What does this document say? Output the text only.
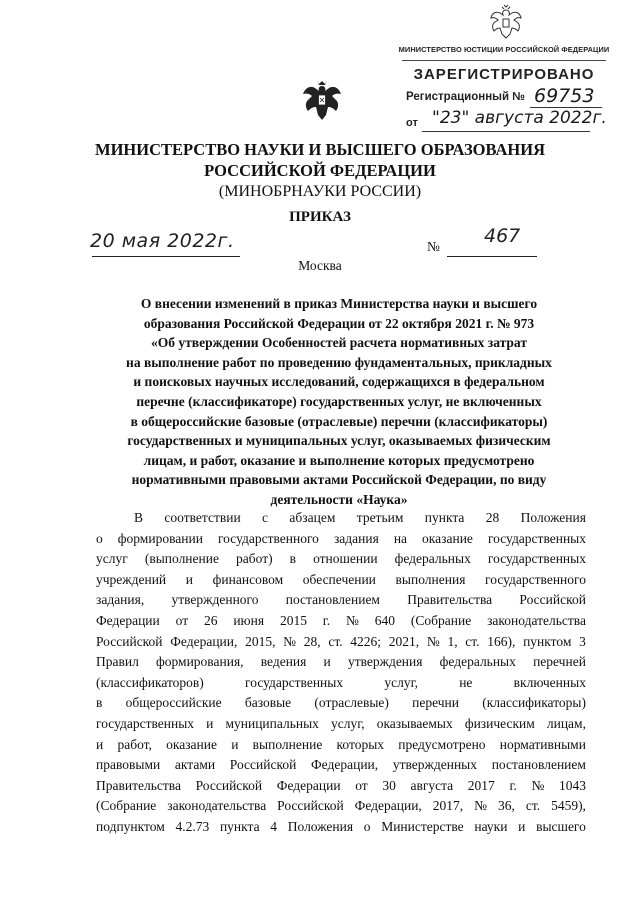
МИНИСТЕРСТВО ЮСТИЦИИ РОССИЙСКОЙ ФЕДЕРАЦИИ
ЗАРЕГИСТРИРОВАНО
Регистрационный № 69753
от "23" августа 2022г.
МИНИСТЕРСТВО НАУКИ И ВЫСШЕГО ОБРАЗОВАНИЯ
РОССИЙСКОЙ ФЕДЕРАЦИИ
(МИНОБРНАУКИ РОССИИ)
ПРИКАЗ
20 мая 2022г.	№ 467
Москва
О внесении изменений в приказ Министерства науки и высшего
образования Российской Федерации от 22 октября 2021 г. № 973
«Об утверждении Особенностей расчета нормативных затрат
на выполнение работ по проведению фундаментальных, прикладных
и поисковых научных исследований, содержащихся в федеральном
перечне (классификаторе) государственных услуг, не включенных
в общероссийские базовые (отраслевые) перечни (классификаторы)
государственных и муниципальных услуг, оказываемых физическим
лицам, и работ, оказание и выполнение которых предусмотрено
нормативными правовыми актами Российской Федерации, по виду
деятельности «Наука»
В соответствии с абзацем третьим пункта 28 Положения
о формировании государственного задания на оказание государственных
услуг (выполнение работ) в отношении федеральных государственных
учреждений и финансовом обеспечении выполнения государственного
задания, утвержденного постановлением Правительства Российской
Федерации от 26 июня 2015 г. № 640 (Собрание законодательства
Российской Федерации, 2015, № 28, ст. 4226; 2021, № 1, ст. 166), пунктом 3
Правил формирования, ведения и утверждения федеральных перечней
(классификаторов)	государственных	услуг,	не	включенных
в общероссийские базовые (отраслевые) перечни (классификаторы)
государственных и муниципальных услуг, оказываемых физическим лицам,
и работ, оказание и выполнение которых предусмотрено нормативными
правовыми актами Российской Федерации, утвержденных постановлением
Правительства Российской Федерации от 30 августа 2017 г. № 1043
(Собрание законодательства Российской Федерации, 2017, № 36, ст. 5459),
подпунктом 4.2.73 пункта 4 Положения о Министерстве науки и высшего
